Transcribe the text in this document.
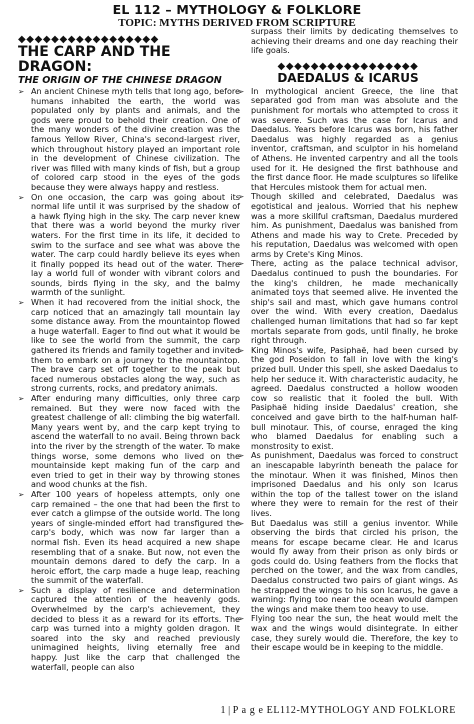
EL 112 – MYTHOLOGY & FOLKLORE
TOPIC: MYTHS DERIVED FROM SCRIPTURE
◆◆◆◆◆◆◆◆◆◆◆◆◆◆◆◆◆
THE CARP AND THE DRAGON:
THE ORIGIN OF THE CHINESE DRAGON
➢ An ancient Chinese myth tells that long ago, before humans inhabited the earth, the world was populated only by plants and animals, and the gods were proud to behold their creation. One of the many wonders of the divine creation was the famous Yellow River, China's second-largest river, which throughout history played an important role in the development of Chinese civilization. The river was filled with many kinds of fish, but a group of colored carp stood in the eyes of the gods because they were always happy and restless.
➢ On one occasion, the carp was going about its normal life until it was surprised by the shadow of a hawk flying high in the sky. The carp never knew that there was a world beyond the murky river waters. For the first time in its life, it decided to swim to the surface and see what was above the water. The carp could hardly believe its eyes when it finally popped its head out of the water. There lay a world full of wonder with vibrant colors and sounds, birds flying in the sky, and the balmy warmth of the sunlight.
➢ When it had recovered from the initial shock, the carp noticed that an amazingly tall mountain lay some distance away. From the mountaintop flowed a huge waterfall. Eager to find out what it would be like to see the world from the summit, the carp gathered its friends and family together and invited them to embark on a journey to the mountaintop. The brave carp set off together to the peak but faced numerous obstacles along the way, such as strong currents, rocks, and predatory animals.
➢ After enduring many difficulties, only three carp remained. But they were now faced with the greatest challenge of all: climbing the big waterfall. Many years went by, and the carp kept trying to ascend the waterfall to no avail. Being thrown back into the river by the strength of the water. To make things worse, some demons who lived on the mountainside kept making fun of the carp and even tried to get in their way by throwing stones and wood chunks at the fish.
➢ After 100 years of hopeless attempts, only one carp remained – the one that had been the first to ever catch a glimpse of the outside world. The long years of single-minded effort had transfigured the carp's body, which was now far larger than a normal fish. Even its head acquired a new shape resembling that of a snake. But now, not even the mountain demons dared to defy the carp. In a heroic effort, the carp made a huge leap, reaching the summit of the waterfall.
➢ Such a display of resilience and determination captured the attention of the heavenly gods. Overwhelmed by the carp's achievement, they decided to bless it as a reward for its efforts. The carp was turned into a mighty golden dragon. It soared into the sky and reached previously unimagined heights, living eternally free and happy. Just like the carp that challenged the waterfall, people can also
surpass their limits by dedicating themselves to achieving their dreams and one day reaching their life goals.
◆◆◆◆◆◆◆◆◆◆◆◆◆◆◆◆◆
DAEDALUS & ICARUS
➢ In mythological ancient Greece, the line that separated god from man was absolute and the punishment for mortals who attempted to cross it was severe. Such was the case for Icarus and Daedalus. Years before Icarus was born, his father Daedalus was highly regarded as a genius inventor, craftsman, and sculptor in his homeland of Athens. He invented carpentry and all the tools used for it. He designed the first bathhouse and the first dance floor. He made sculptures so lifelike that Hercules mistook them for actual men.
➢ Though skilled and celebrated, Daedalus was egotistical and jealous. Worried that his nephew was a more skillful craftsman, Daedalus murdered him. As punishment, Daedalus was banished from Athens and made his way to Crete. Preceded by his reputation, Daedalus was welcomed with open arms by Crete's King Minos.
➢ There, acting as the palace technical advisor, Daedalus continued to push the boundaries. For the king's children, he made mechanically animated toys that seemed alive. He invented the ship's sail and mast, which gave humans control over the wind. With every creation, Daedalus challenged human limitations that had so far kept mortals separate from gods, until finally, he broke right through.
➢ King Minos's wife, Pasiphaë, had been cursed by the god Poseidon to fall in love with the king's prized bull. Under this spell, she asked Daedalus to help her seduce it. With characteristic audacity, he agreed. Daedalus constructed a hollow wooden cow so realistic that it fooled the bull. With Pasiphaë hiding inside Daedalus' creation, she conceived and gave birth to the half-human half-bull minotaur. This, of course, enraged the king who blamed Daedalus for enabling such a monstrosity to exist.
➢ As punishment, Daedalus was forced to construct an inescapable labyrinth beneath the palace for the minotaur. When it was finished, Minos then imprisoned Daedalus and his only son Icarus within the top of the tallest tower on the island where they were to remain for the rest of their lives.
➢ But Daedalus was still a genius inventor. While observing the birds that circled his prison, the means for escape became clear. He and Icarus would fly away from their prison as only birds or gods could do. Using feathers from the flocks that perched on the tower, and the wax from candles, Daedalus constructed two pairs of giant wings. As he strapped the wings to his son Icarus, he gave a warning: flying too near the ocean would dampen the wings and make them too heavy to use.
➢ Flying too near the sun, the heat would melt the wax and the wings would disintegrate. In either case, they surely would die. Therefore, the key to their escape would be in keeping to the middle.
1 | P a g e EL112-MYTHOLOGY AND FOLKLORE
